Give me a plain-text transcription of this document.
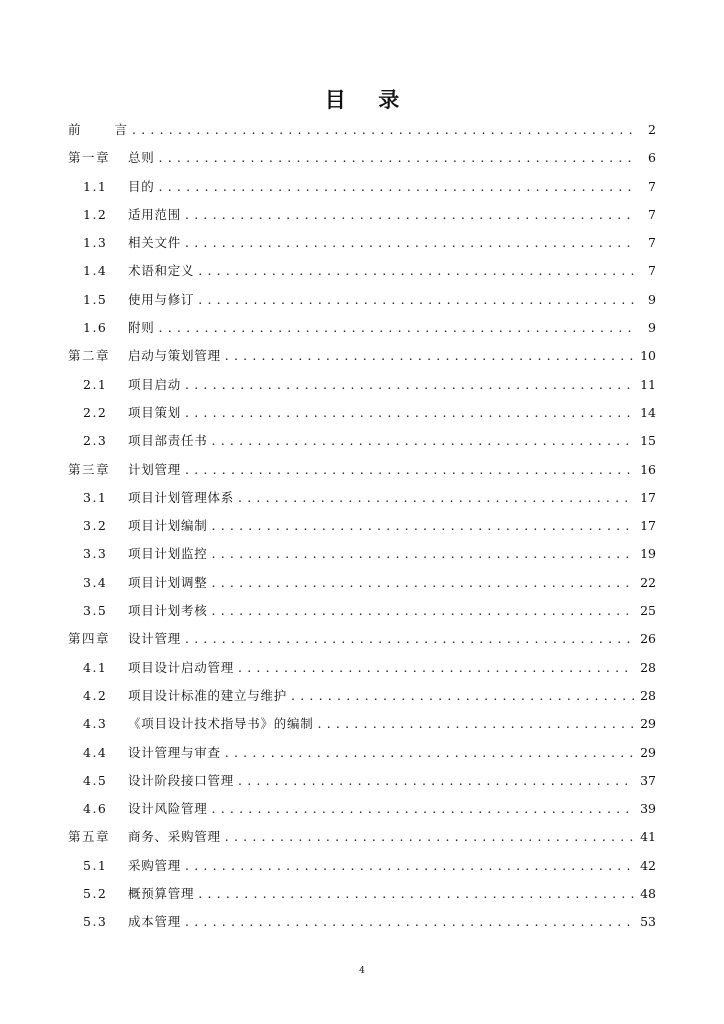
目 录
前 言 . . .	2
第一章	总则 . . .	6
1.1	目的 . . .	7
1.2	适用范围 . . .	7
1.3	相关文件 . . .	7
1.4	术语和定义 . . .	7
1.5	使用与修订 . . .	9
1.6	附则 . . .	9
第二章	启动与策划管理 . . .	10
2.1	项目启动 . . .	11
2.2	项目策划 . . .	14
2.3	项目部责任书 . . .	15
第三章	计划管理 . . .	16
3.1	项目计划管理体系 . . .	17
3.2	项目计划编制 . . .	17
3.3	项目计划监控 . . .	19
3.4	项目计划调整 . . .	22
3.5	项目计划考核 . . .	25
第四章	设计管理 . . .	26
4.1	项目设计启动管理 . . .	28
4.2	项目设计标准的建立与维护 . . .	28
4.3	《项目设计技术指导书》的编制 . . .	29
4.4	设计管理与审查 . . .	29
4.5	设计阶段接口管理 . . .	37
4.6	设计风险管理 . . .	39
第五章	商务、采购管理 . . .	41
5.1	采购管理 . . .	42
5.2	概预算管理 . . .	48
5.3	成本管理 . . .	53
4
